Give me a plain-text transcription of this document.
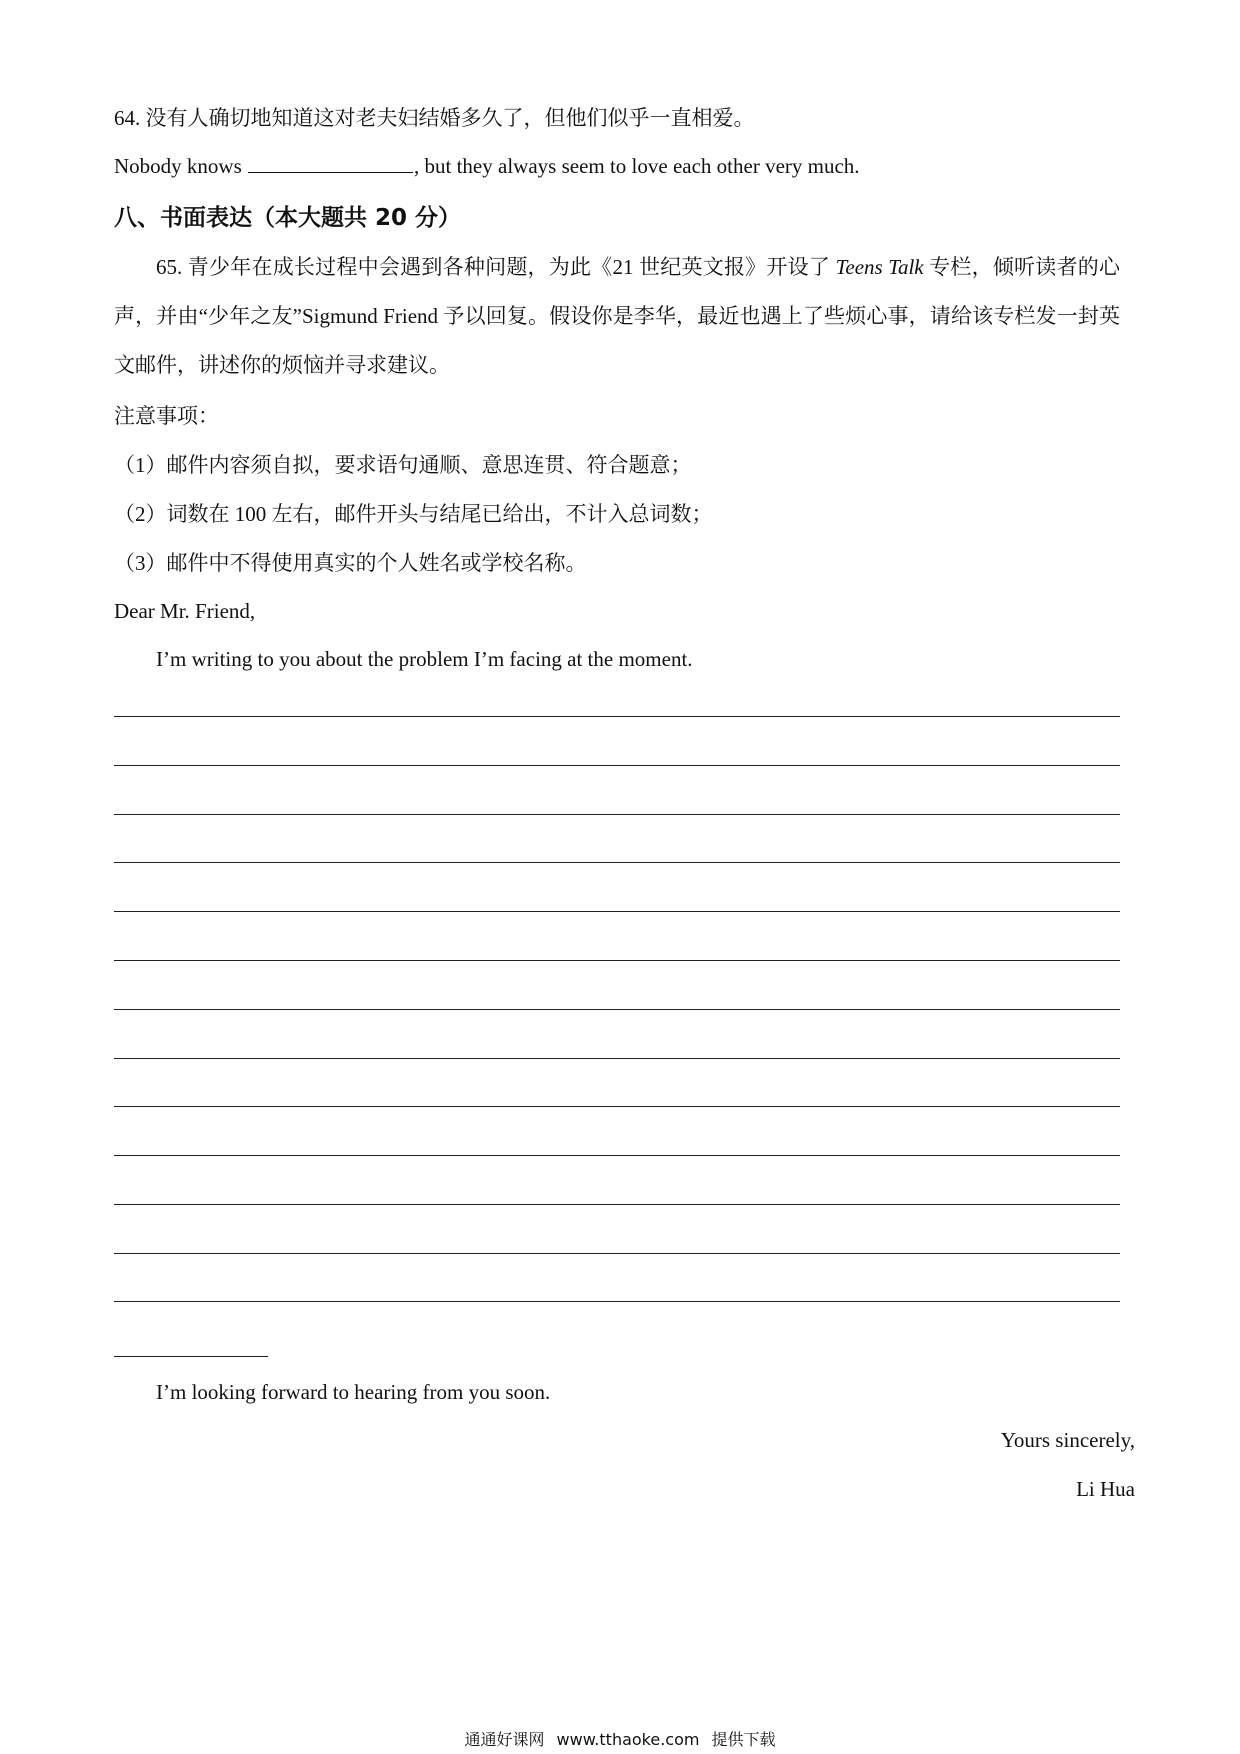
64. 没有人确切地知道这对老夫妇结婚多久了，但他们似乎一直相爱。
Nobody knows	, but they always seem to love each other very much.
八、书面表达（本大题共 20 分）
65. 青少年在成长过程中会遇到各种问题，为此《21 世纪英文报》开设了 Teens Talk 专栏，倾听读者的心声，并由“少年之友”Sigmund Friend 予以回复。假设你是李华，最近也遇上了些烦心事，请给该专栏发一封英文邮件，讲述你的烦恼并寻求建议。
注意事项：
（1）邮件内容须自拟，要求语句通顺、意思连贯、符合题意；
（2）词数在 100 左右，邮件开头与结尾已给出，不计入总词数；
（3）邮件中不得使用真实的个人姓名或学校名称。
Dear Mr. Friend,
I’m writing to you about the problem I’m facing at the moment.
I’m looking forward to hearing from you soon.
Yours sincerely,
Li Hua
通通好课网 www.tthaoke.com 提供下载
